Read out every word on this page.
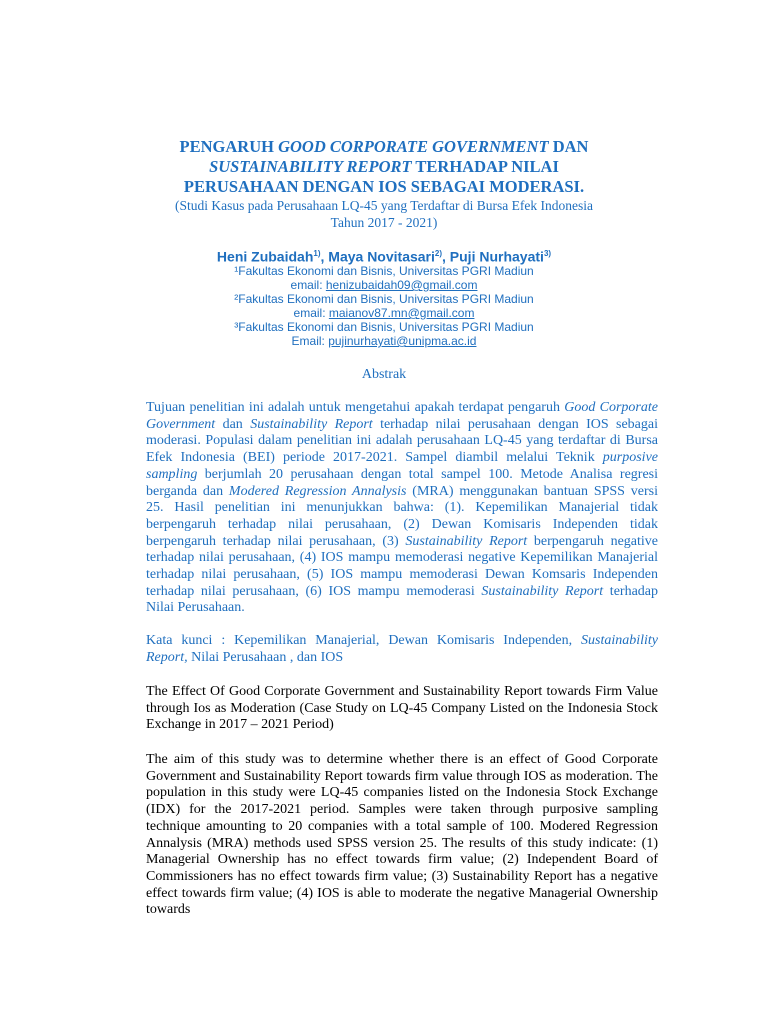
PENGARUH GOOD CORPORATE GOVERNMENT DAN
SUSTAINABILITY REPORT TERHADAP NILAI
PERUSAHAAN DENGAN IOS SEBAGAI MODERASI.
(Studi Kasus pada Perusahaan LQ-45 yang Terdaftar di Bursa Efek Indonesia
Tahun 2017 - 2021)
Heni Zubaidah$^{1)}$, Maya Novitasari$^{2)}$, Puji Nurhayati$^{3)}$
¹Fakultas Ekonomi dan Bisnis, Universitas PGRI Madiun
email: henizubaidah09@gmail.com
²Fakultas Ekonomi dan Bisnis, Universitas PGRI Madiun
email: maianov87.mn@gmail.com
³Fakultas Ekonomi dan Bisnis, Universitas PGRI Madiun
Email: pujinurhayati@unipma.ac.id
Abstrak
Tujuan penelitian ini adalah untuk mengetahui apakah terdapat pengaruh Good Corporate Government dan Sustainability Report terhadap nilai perusahaan dengan IOS sebagai moderasi. Populasi dalam penelitian ini adalah perusahaan LQ-45 yang terdaftar di Bursa Efek Indonesia (BEI) periode 2017-2021. Sampel diambil melalui Teknik purposive sampling berjumlah 20 perusahaan dengan total sampel 100. Metode Analisa regresi berganda dan Modered Regression Annalysis (MRA) menggunakan bantuan SPSS versi 25. Hasil penelitian ini menunjukkan bahwa: (1). Kepemilikan Manajerial tidak berpengaruh terhadap nilai perusahaan, (2) Dewan Komisaris Independen tidak berpengaruh terhadap nilai perusahaan, (3) Sustainability Report berpengaruh negative terhadap nilai perusahaan, (4) IOS mampu memoderasi negative Kepemilikan Manajerial terhadap nilai perusahaan, (5) IOS mampu memoderasi Dewan Komsaris Independen terhadap nilai perusahaan, (6) IOS mampu memoderasi Sustainability Report terhadap Nilai Perusahaan.
Kata kunci : Kepemilikan Manajerial, Dewan Komisaris Independen, Sustainability Report, Nilai Perusahaan , dan IOS
The Effect Of Good Corporate Government and Sustainability Report towards Firm Value through Ios as Moderation (Case Study on LQ-45 Company Listed on the Indonesia Stock Exchange in 2017 – 2021 Period)
The aim of this study was to determine whether there is an effect of Good Corporate Government and Sustainability Report towards firm value through IOS as moderation. The population in this study were LQ-45 companies listed on the Indonesia Stock Exchange (IDX) for the 2017-2021 period. Samples were taken through purposive sampling technique amounting to 20 companies with a total sample of 100. Modered Regression Annalysis (MRA) methods used SPSS version 25. The results of this study indicate: (1) Managerial Ownership has no effect towards firm value; (2) Independent Board of Commissioners has no effect towards firm value; (3) Sustainability Report has a negative effect towards firm value; (4) IOS is able to moderate the negative Managerial Ownership towards
